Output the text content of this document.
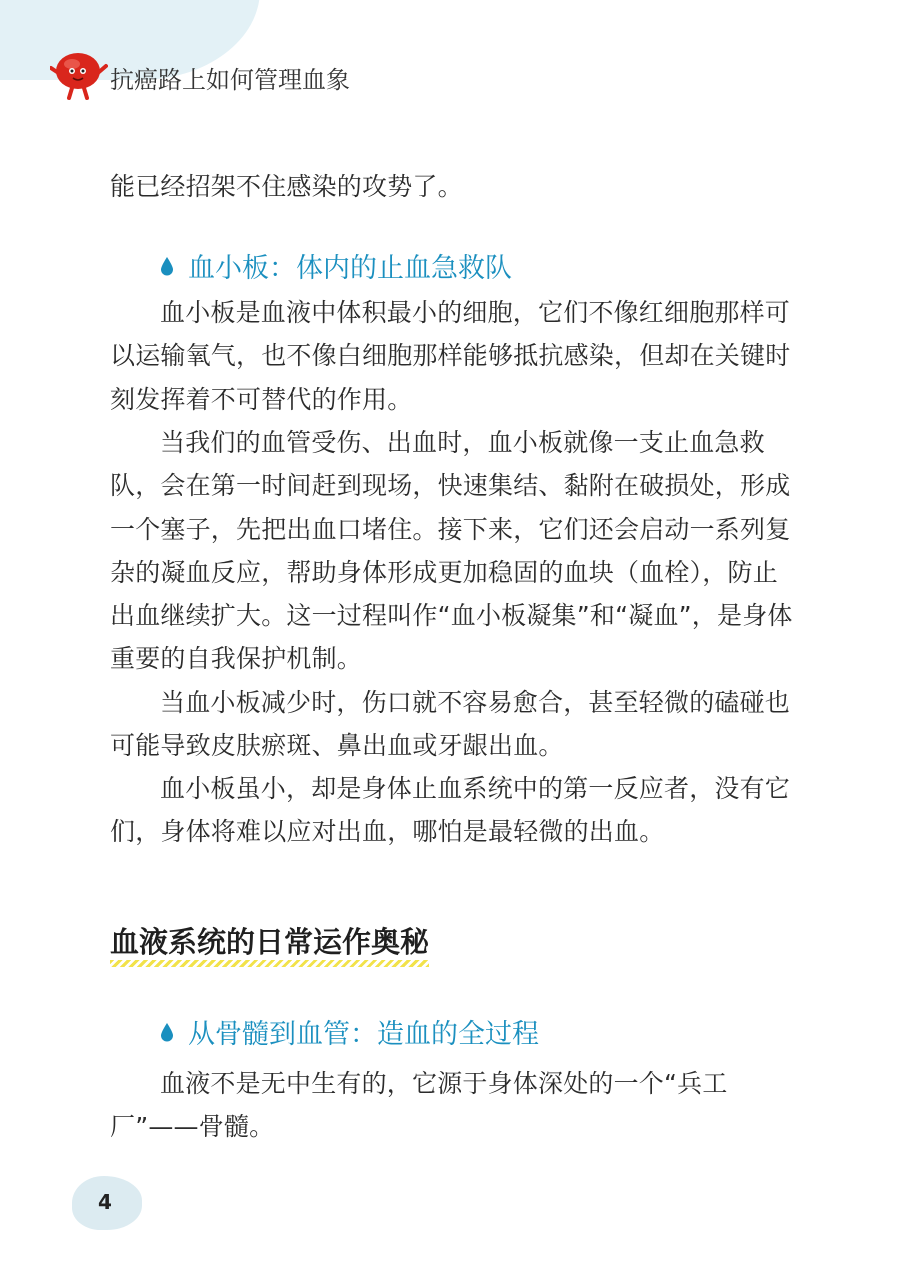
抗癌路上如何管理血象

能已经招架不住感染的攻势了。

血小板：体内的止血急救队

血小板是血液中体积最小的细胞，它们不像红细胞那样可以运输氧气，也不像白细胞那样能够抵抗感染，但却在关键时刻发挥着不可替代的作用。

当我们的血管受伤、出血时，血小板就像一支止血急救队，会在第一时间赶到现场，快速集结、黏附在破损处，形成一个塞子，先把出血口堵住。接下来，它们还会启动一系列复杂的凝血反应，帮助身体形成更加稳固的血块（血栓），防止出血继续扩大。这一过程叫作“血小板凝集”和“凝血”，是身体重要的自我保护机制。

当血小板减少时，伤口就不容易愈合，甚至轻微的磕碰也可能导致皮肤瘀斑、鼻出血或牙龈出血。

血小板虽小，却是身体止血系统中的第一反应者，没有它们，身体将难以应对出血，哪怕是最轻微的出血。

血液系统的日常运作奥秘
从骨髓到血管：造血的全过程

血液不是无中生有的，它源于身体深处的一个“兵工厂”——骨髓。

4
